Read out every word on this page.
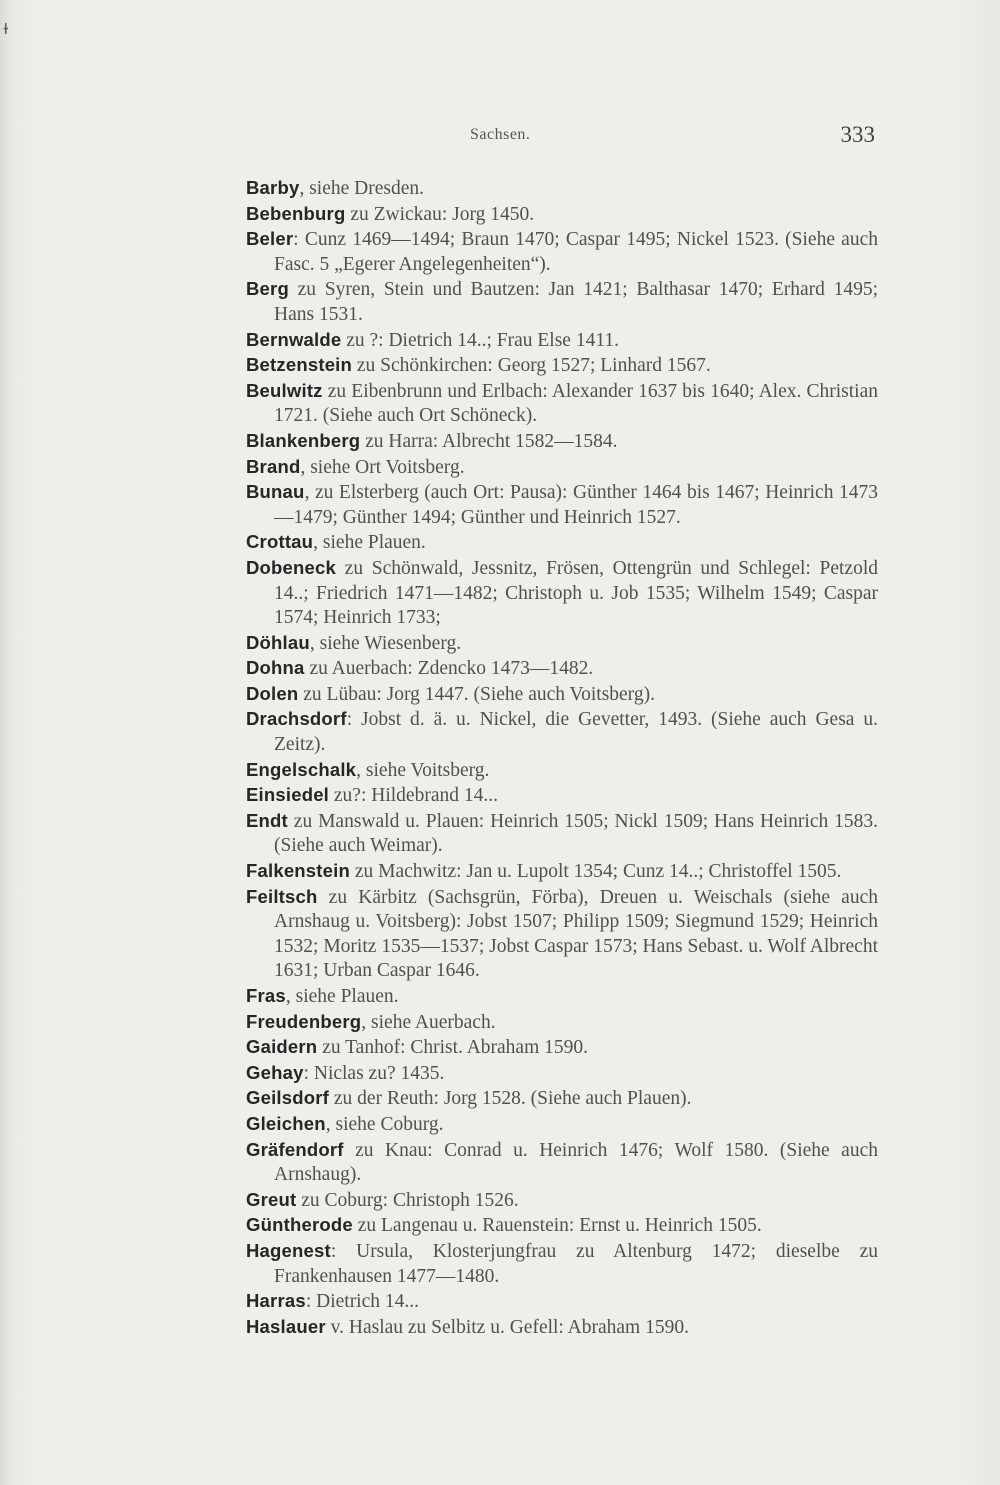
ɫ
Sachsen.	333
Barby, siehe Dresden.
Bebenburg zu Zwickau: Jorg 1450.
Beler: Cunz 1469—1494; Braun 1470; Caspar 1495; Nickel 1523. (Siehe auch Fasc. 5 „Egerer Angelegenheiten“).
Berg zu Syren, Stein und Bautzen: Jan 1421; Balthasar 1470; Erhard 1495; Hans 1531.
Bernwalde zu ?: Dietrich 14..; Frau Else 1411.
Betzenstein zu Schönkirchen: Georg 1527; Linhard 1567.
Beulwitz zu Eibenbrunn und Erlbach: Alexander 1637 bis 1640; Alex. Christian 1721. (Siehe auch Ort Schöneck).
Blankenberg zu Harra: Albrecht 1582—1584.
Brand, siehe Ort Voitsberg.
Bunau, zu Elsterberg (auch Ort: Pausa): Günther 1464 bis 1467; Heinrich 1473—1479; Günther 1494; Günther und Heinrich 1527.
Crottau, siehe Plauen.
Dobeneck zu Schönwald, Jessnitz, Frösen, Ottengrün und Schlegel: Petzold 14..; Friedrich 1471—1482; Christoph u. Job 1535; Wilhelm 1549; Caspar 1574; Heinrich 1733;
Döhlau, siehe Wiesenberg.
Dohna zu Auerbach: Zdencko 1473—1482.
Dolen zu Lübau: Jorg 1447. (Siehe auch Voitsberg).
Drachsdorf: Jobst d. ä. u. Nickel, die Gevetter, 1493. (Siehe auch Gesa u. Zeitz).
Engelschalk, siehe Voitsberg.
Einsiedel zu?: Hildebrand 14...
Endt zu Manswald u. Plauen: Heinrich 1505; Nickl 1509; Hans Heinrich 1583. (Siehe auch Weimar).
Falkenstein zu Machwitz: Jan u. Lupolt 1354; Cunz 14..; Christoffel 1505.
Feiltsch zu Kärbitz (Sachsgrün, Förba), Dreuen u. Weischals (siehe auch Arnshaug u. Voitsberg): Jobst 1507; Philipp 1509; Siegmund 1529; Heinrich 1532; Moritz 1535—1537; Jobst Caspar 1573; Hans Sebast. u. Wolf Albrecht 1631; Urban Caspar 1646.
Fras, siehe Plauen.
Freudenberg, siehe Auerbach.
Gaidern zu Tanhof: Christ. Abraham 1590.
Gehay: Niclas zu? 1435.
Geilsdorf zu der Reuth: Jorg 1528. (Siehe auch Plauen).
Gleichen, siehe Coburg.
Gräfendorf zu Knau: Conrad u. Heinrich 1476; Wolf 1580. (Siehe auch Arnshaug).
Greut zu Coburg: Christoph 1526.
Güntherode zu Langenau u. Rauenstein: Ernst u. Heinrich 1505.
Hagenest: Ursula, Klosterjungfrau zu Altenburg 1472; dieselbe zu Frankenhausen 1477—1480.
Harras: Dietrich 14...
Haslauer v. Haslau zu Selbitz u. Gefell: Abraham 1590.
